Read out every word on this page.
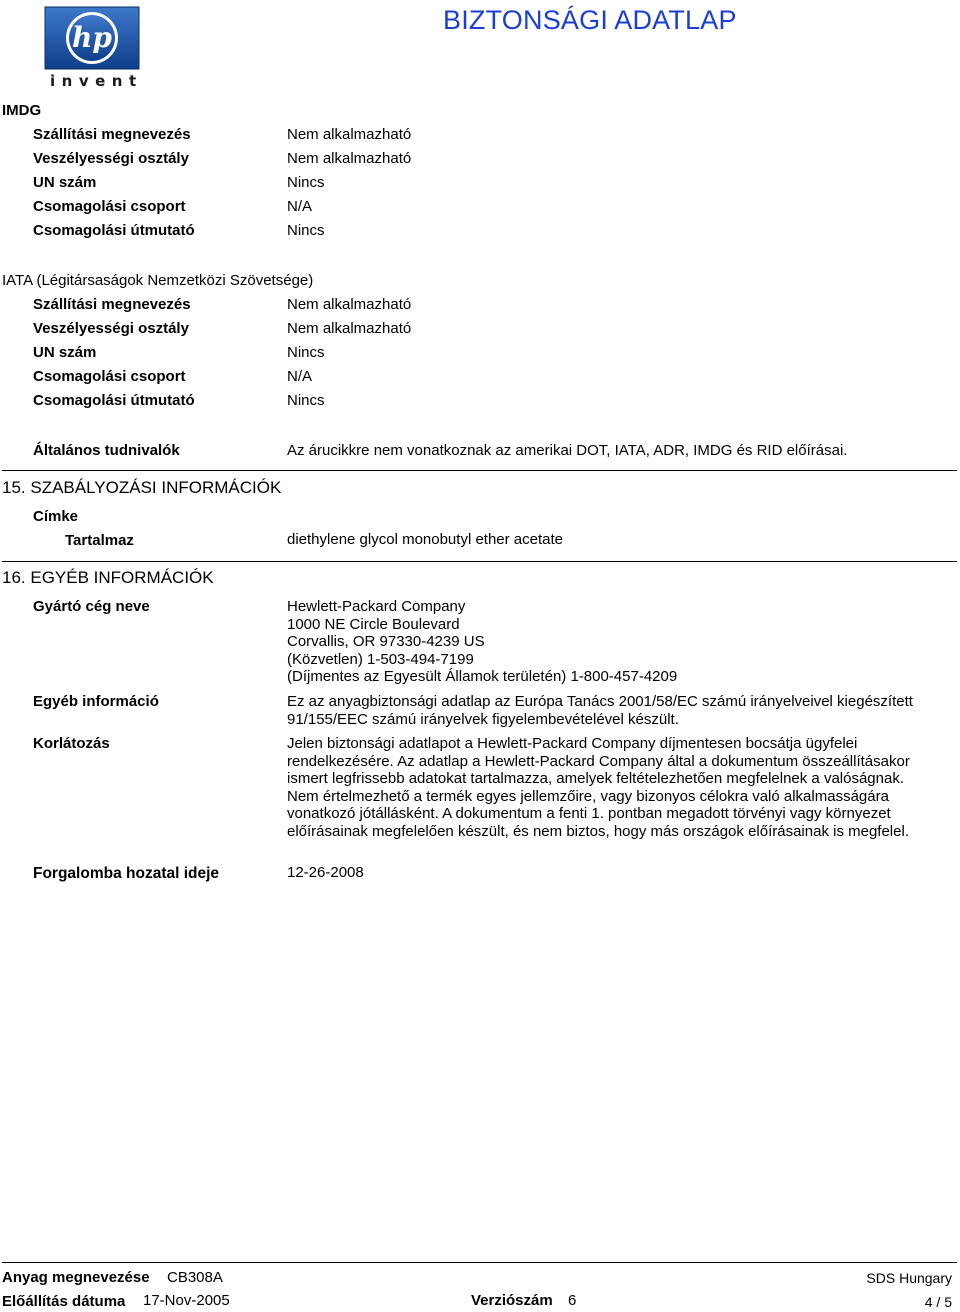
hp
invent
BIZTONSÁGI ADATLAP
IMDG
Szállítási megnevezés	Nem alkalmazható
Veszélyességi osztály	Nem alkalmazható
UN szám	Nincs
Csomagolási csoport	N/A
Csomagolási útmutató	Nincs
IATA (Légitársaságok Nemzetközi Szövetsége)
Szállítási megnevezés	Nem alkalmazható
Veszélyességi osztály	Nem alkalmazható
UN szám	Nincs
Csomagolási csoport	N/A
Csomagolási útmutató	Nincs
Általános tudnivalók	Az árucikkre nem vonatkoznak az amerikai DOT, IATA, ADR, IMDG és RID előírásai.
15. SZABÁLYOZÁSI INFORMÁCIÓK
Címke
Tartalmaz	diethylene glycol monobutyl ether acetate
16. EGYÉB INFORMÁCIÓK
Gyártó cég neve	Hewlett-Packard Company
1000 NE Circle Boulevard
Corvallis, OR 97330-4239 US
(Közvetlen) 1-503-494-7199
(Díjmentes az Egyesült Államok területén) 1-800-457-4209
Egyéb információ	Ez az anyagbiztonsági adatlap az Európa Tanács 2001/58/EC számú irányelveivel kiegészített 91/155/EEC számú irányelvek figyelembevételével készült.
Korlátozás	Jelen biztonsági adatlapot a Hewlett-Packard Company díjmentesen bocsátja ügyfelei rendelkezésére. Az adatlap a Hewlett-Packard Company által a dokumentum összeállításakor ismert legfrissebb adatokat tartalmazza, amelyek feltételezhetően megfelelnek a valóságnak. Nem értelmezhető a termék egyes jellemzőire, vagy bizonyos célokra való alkalmasságára vonatkozó jótállásként. A dokumentum a fenti 1. pontban megadott törvényi vagy környezet előírásainak megfelelően készült, és nem biztos, hogy más országok előírásainak is megfelel.
Forgalomba hozatal ideje	12-26-2008
Anyag megnevezése CB308A	SDS Hungary
Előállítás dátuma 17-Nov-2005	Verziószám 6	4 / 5
